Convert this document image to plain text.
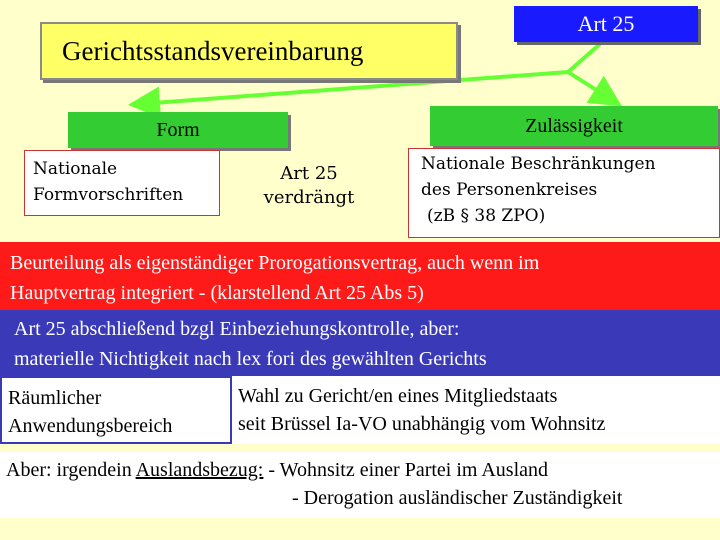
Gerichtsstandsvereinbarung
Art 25
Form	Zulässigkeit
Nationale
Formvorschriften
Art 25
verdrängt
Nationale Beschränkungen
des Personenkreises
(zB § 38 ZPO)
Beurteilung als eigenständiger Prorogationsvertrag, auch wenn im
Hauptvertrag integriert - (klarstellend Art 25 Abs 5)
Art 25 abschließend bzgl Einbeziehungskontrolle, aber:
materielle Nichtigkeit nach lex fori des gewählten Gerichts
Räumlicher
Anwendungsbereich
Wahl zu Gericht/en eines Mitgliedstaats
seit Brüssel Ia-VO unabhängig vom Wohnsitz
Aber: irgendein Auslandsbezug: - Wohnsitz einer Partei im Ausland
- Derogation ausländischer Zuständigkeit
